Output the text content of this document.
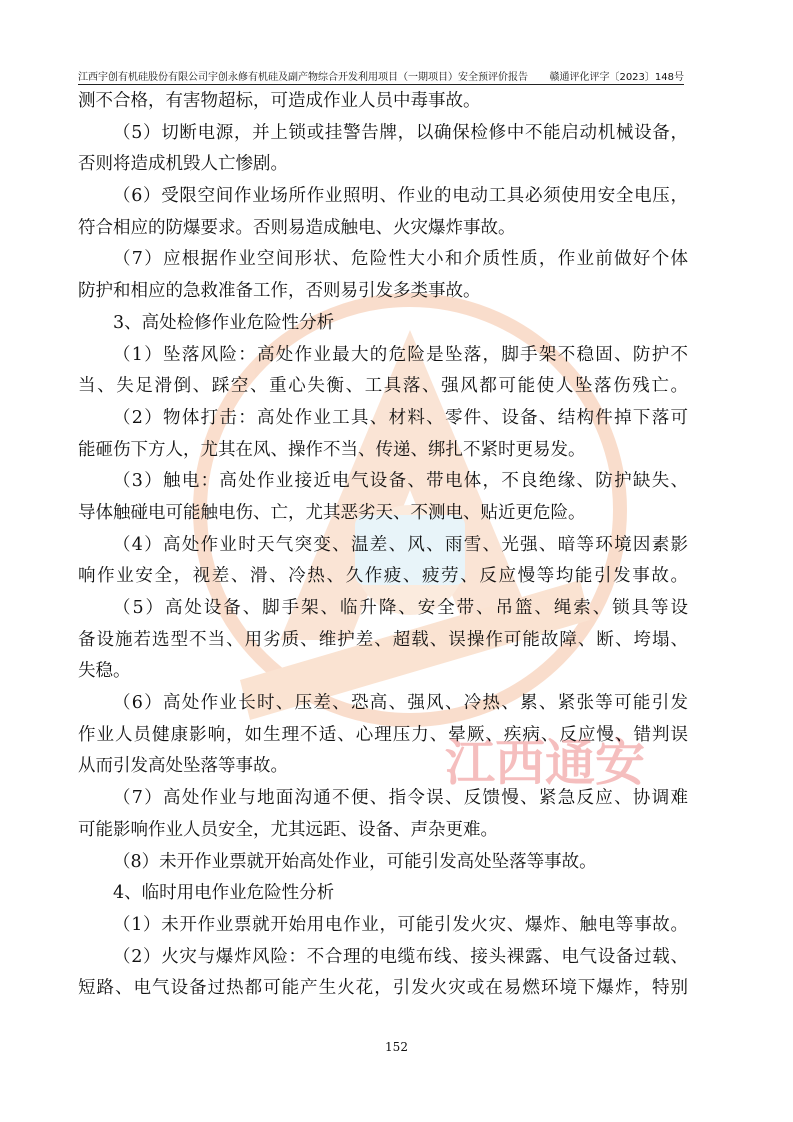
江西宇创有机硅股份有限公司宇创永修有机硅及副产物综合开发利用项目（一期项目）安全预评价报告 赣通评化评字〔2023〕148号
江西通安
测不合格，有害物超标，可造成作业人员中毒事故。
（5）切断电源，并上锁或挂警告牌，以确保检修中不能启动机械设备，
否则将造成机毁人亡惨剧。
（6）受限空间作业场所作业照明、作业的电动工具必须使用安全电压，
符合相应的防爆要求。否则易造成触电、火灾爆炸事故。
（7）应根据作业空间形状、危险性大小和介质性质，作业前做好个体
防护和相应的急救准备工作，否则易引发多类事故。
3、高处检修作业危险性分析
（1）坠落风险：高处作业最大的危险是坠落，脚手架不稳固、防护不
当、失足滑倒、踩空、重心失衡、工具落、强风都可能使人坠落伤残亡。
（2）物体打击：高处作业工具、材料、零件、设备、结构件掉下落可
能砸伤下方人，尤其在风、操作不当、传递、绑扎不紧时更易发。
（3）触电：高处作业接近电气设备、带电体，不良绝缘、防护缺失、
导体触碰电可能触电伤、亡，尤其恶劣天、不测电、贴近更危险。
（4）高处作业时天气突变、温差、风、雨雪、光强、暗等环境因素影
响作业安全，视差、滑、冷热、久作疲、疲劳、反应慢等均能引发事故。
（5）高处设备、脚手架、临升降、安全带、吊篮、绳索、锁具等设
备设施若选型不当、用劣质、维护差、超载、误操作可能故障、断、垮塌、
失稳。
（6）高处作业长时、压差、恐高、强风、冷热、累、紧张等可能引发
作业人员健康影响，如生理不适、心理压力、晕厥、疾病、反应慢、错判误
从而引发高处坠落等事故。
（7）高处作业与地面沟通不便、指令误、反馈慢、紧急反应、协调难
可能影响作业人员安全，尤其远距、设备、声杂更难。
（8）未开作业票就开始高处作业，可能引发高处坠落等事故。
4、临时用电作业危险性分析
（1）未开作业票就开始用电作业，可能引发火灾、爆炸、触电等事故。
（2）火灾与爆炸风险：不合理的电缆布线、接头裸露、电气设备过载、
短路、电气设备过热都可能产生火花，引发火灾或在易燃环境下爆炸，特别
152
